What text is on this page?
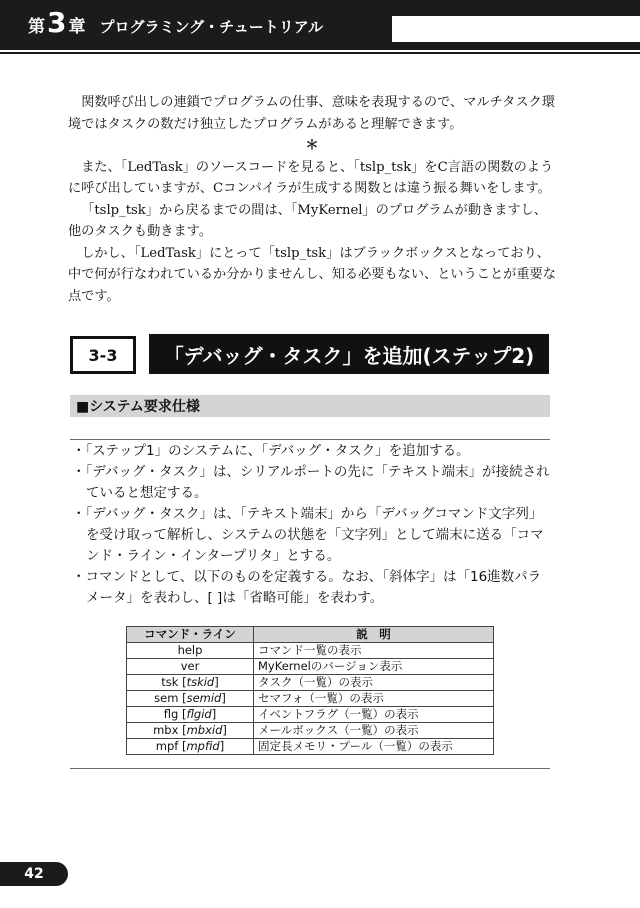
第 3 章 プログラミング・チュートリアル

関数呼び出しの連鎖でプログラムの仕事、意味を表現するので、マルチタスク環境ではタスクの数だけ独立したプログラムがあると理解できます。

＊

また、「LedTask」のソースコードを見ると、「tslp_tsk」をC言語の関数のように呼び出していますが、Cコンパイラが生成する関数とは違う振る舞いをします。

「tslp_tsk」から戻るまでの間は、「MyKernel」のプログラムが動きますし、他のタスクも動きます。

しかし、「LedTask」にとって「tslp_tsk」はブラックボックスとなっており、中で何が行なわれているか分かりませんし、知る必要もない、ということが重要な点です。

3-3	「デバッグ・タスク」を追加(ステップ2)
■システム要求仕様
・ 「ステップ1」のシステムに、「デバッグ・タスク」を追加する。
・ 「デバッグ・タスク」は、シリアルポートの先に「テキスト端末」が接続されていると想定する。
・ 「デバッグ・タスク」は、「テキスト端末」から「デバッグコマンド文字列」を受け取って解析し、システムの状態を「文字列」として端末に送る「コマンド・ライン・インタープリタ」とする。
・ コマンドとして、以下のものを定義する。なお、「斜体字」は「16進数パラメータ」を表わし、[ ]は「省略可能」を表わす。
コマンド・ライン	説　明
help	コマンド一覧の表示
ver	MyKernelのバージョン表示
tsk [tskid]	タスク（一覧）の表示
sem [semid]	セマフォ（一覧）の表示
flg [flgid]	イベントフラグ（一覧）の表示
mbx [mbxid]	メールボックス（一覧）の表示
mpf [mpfid]	固定長メモリ・プール（一覧）の表示
42
